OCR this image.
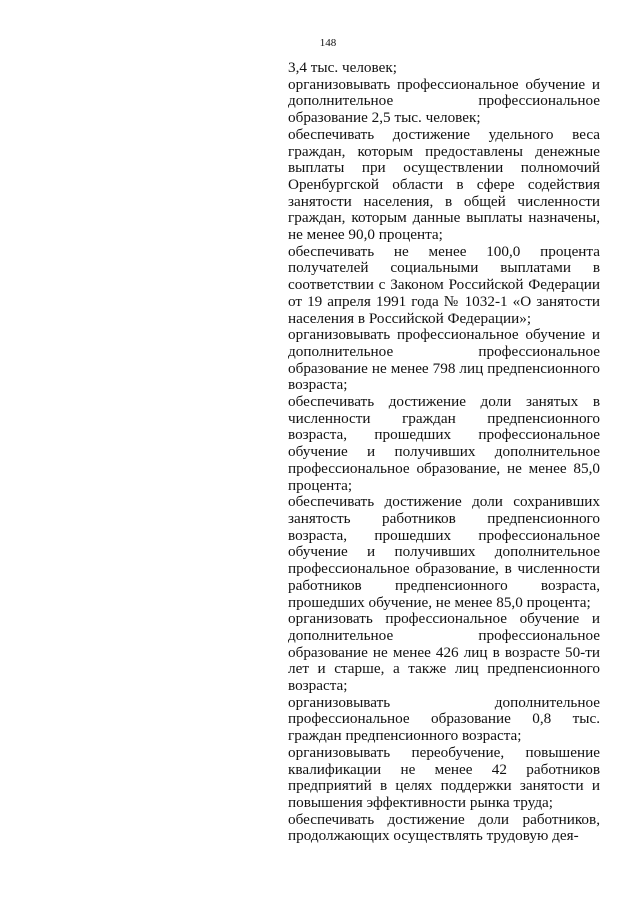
148

3,4 тыс. человек;

организовывать профессиональное обучение и дополнительное профессиональное образование 2,5 тыс. человек;

обеспечивать достижение удельного веса граждан, которым предоставлены денежные выплаты при осуществлении полномочий Оренбургской области в сфере содействия занятости населения, в общей численности граждан, которым данные выплаты назначены, не менее 90,0 процента;

обеспечивать не менее 100,0 процента получателей социальными выплатами в соответствии с Законом Российской Федерации от 19 апреля 1991 года № 1032-1 «О занятости населения в Российской Федерации»;

организовывать профессиональное обучение и дополнительное профессиональное образование не менее 798 лиц предпенсионного возраста;

обеспечивать достижение доли занятых в численности граждан предпенсионного возраста, прошедших профессиональное обучение и получивших дополнительное профессиональное образование, не менее 85,0 процента;

обеспечивать достижение доли сохранивших занятость работников предпенсионного возраста, прошедших профессиональное обучение и получивших дополнительное профессиональное образование, в численности работников предпенсионного возраста, прошедших обучение, не менее 85,0 процента;

организовать профессиональное обучение и дополнительное профессиональное образование не менее 426 лиц в возрасте 50-ти лет и старше, а также лиц предпенсионного возраста;

организовывать дополнительное профессиональное образование 0,8 тыс. граждан предпенсионного возраста;

организовывать переобучение, повышение квалификации не менее 42 работников предприятий в целях поддержки занятости и повышения эффективности рынка труда;

обеспечивать достижение доли работников, продолжающих осуществлять трудовую дея-
